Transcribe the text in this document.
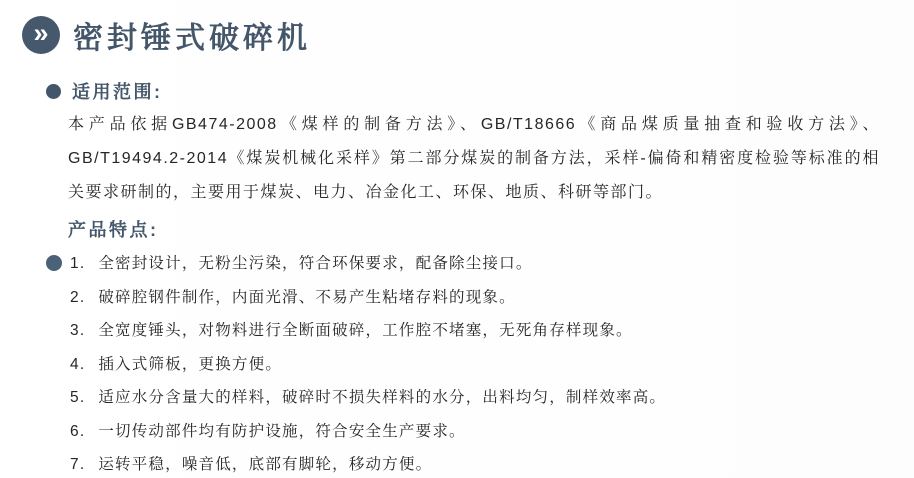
» 密封锤式破碎机
适用范围:

本产品依据GB474-2008《煤样的制备方法》、GB/T18666《商品煤质量抽查和验收方法》、GB/T19494.2-2014《煤炭机械化采样》第二部分煤炭的制备方法，采样-偏倚和精密度检验等标准的相关要求研制的，主要用于煤炭、电力、冶金化工、环保、地质、科研等部门。

产品特点:
1. 全密封设计，无粉尘污染，符合环保要求，配备除尘接口。
2. 破碎腔钢件制作，内面光滑、不易产生粘堵存料的现象。
3. 全宽度锤头，对物料进行全断面破碎，工作腔不堵塞，无死角存样现象。
4. 插入式筛板，更换方便。
5. 适应水分含量大的样料，破碎时不损失样料的水分，出料均匀，制样效率高。
6. 一切传动部件均有防护设施，符合安全生产要求。
7. 运转平稳，噪音低，底部有脚轮，移动方便。
